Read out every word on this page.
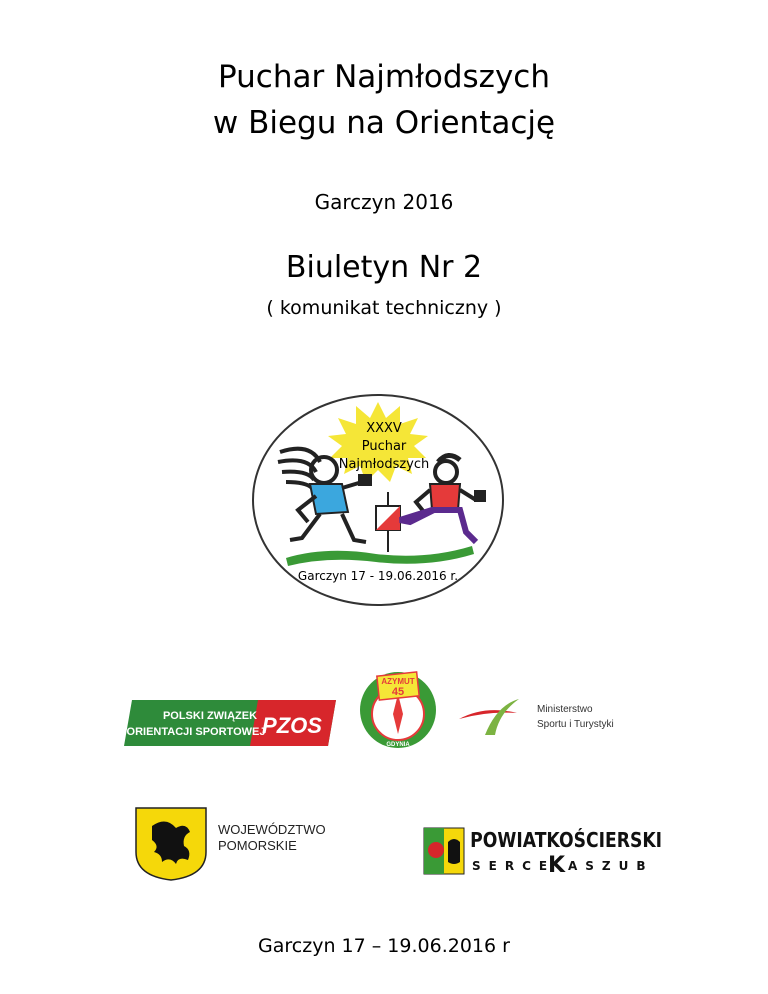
Puchar Najmłodszych
w Biegu na Orientację
Garczyn 2016
Biuletyn Nr 2
( komunikat techniczny )
XXXV
Puchar
Najmłodszych
Garczyn 17 - 19.06.2016 r.
POLSKI ZWIĄZEK
ORIENTACJI SPORTOWEJ
PZOS
AZYMUT
45
GDYNIA
Ministerstwo
Sportu i Turystyki
WOJEWÓDZTWO
POMORSKIE	POWIATKOŚCIERSKI
SERCE
K ASZUB
Garczyn 17 – 19.06.2016 r
